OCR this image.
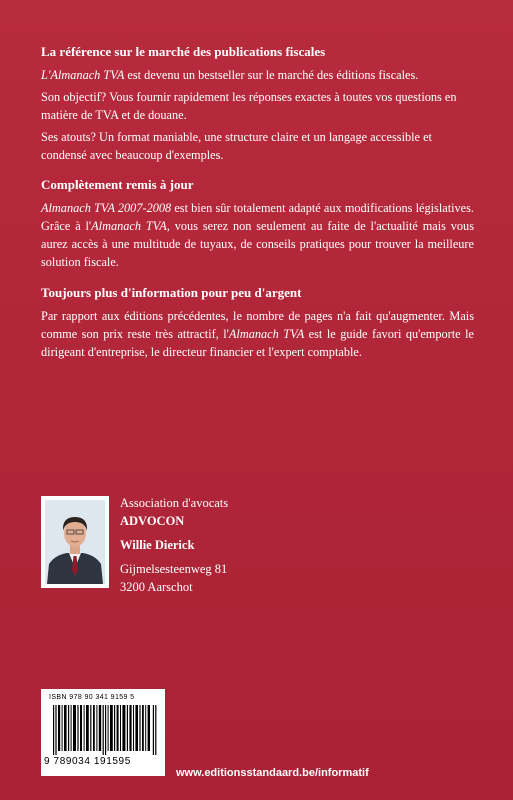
La référence sur le marché des publications fiscales

L'Almanach TVA est devenu un bestseller sur le marché des éditions fiscales.

Son objectif? Vous fournir rapidement les réponses exactes à toutes vos questions en matière de TVA et de douane.

Ses atouts? Un format maniable, une structure claire et un langage accessible et condensé avec beaucoup d'exemples.

Complètement remis à jour

Almanach TVA 2007-2008 est bien sûr totalement adapté aux modifications législatives. Grâce à l'Almanach TVA, vous serez non seulement au faite de l'actualité mais vous aurez accès à une multitude de tuyaux, de conseils pratiques pour trouver la meilleure solution fiscale.

Toujours plus d'information pour peu d'argent

Par rapport aux éditions précédentes, le nombre de pages n'a fait qu'augmenter. Mais comme son prix reste très attractif, l'Almanach TVA est le guide favori qu'emporte le dirigeant d'entreprise, le directeur financier et l'expert comptable.

Association d'avocats
ADVOCON
Willie Dierick
Gijmelsesteenweg 81
3200 Aarschot
ISBN 978 90 341 9159 5
9 789034 191595
www.editionsstandaard.be/informatif
